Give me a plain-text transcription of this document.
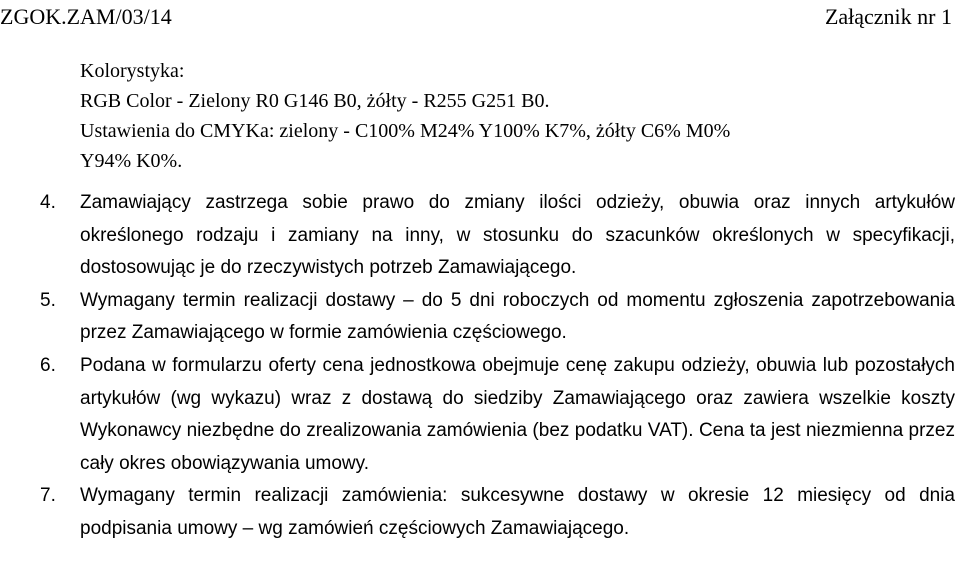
ZGOK.ZAM/03/14	Załącznik nr 1
Kolorystyka:
RGB Color - Zielony R0 G146 B0, żółty - R255 G251 B0.
Ustawienia do CMYKa: zielony - C100% M24% Y100% K7%, żółty C6% M0%
Y94% K0%.
4. Zamawiający zastrzega sobie prawo do zmiany ilości odzieży, obuwia oraz innych artykułów określonego rodzaju i zamiany na inny, w stosunku do szacunków określonych w specyfikacji, dostosowując je do rzeczywistych potrzeb Zamawiającego.
5. Wymagany termin realizacji dostawy – do 5 dni roboczych od momentu zgłoszenia zapotrzebowania przez Zamawiającego w formie zamówienia częściowego.
6. Podana w formularzu oferty cena jednostkowa obejmuje cenę zakupu odzieży, obuwia lub pozostałych artykułów (wg wykazu) wraz z dostawą do siedziby Zamawiającego oraz zawiera wszelkie koszty Wykonawcy niezbędne do zrealizowania zamówienia (bez podatku VAT). Cena ta jest niezmienna przez cały okres obowiązywania umowy.
7. Wymagany termin realizacji zamówienia: sukcesywne dostawy w okresie 12 miesięcy od dnia podpisania umowy – wg zamówień częściowych Zamawiającego.
